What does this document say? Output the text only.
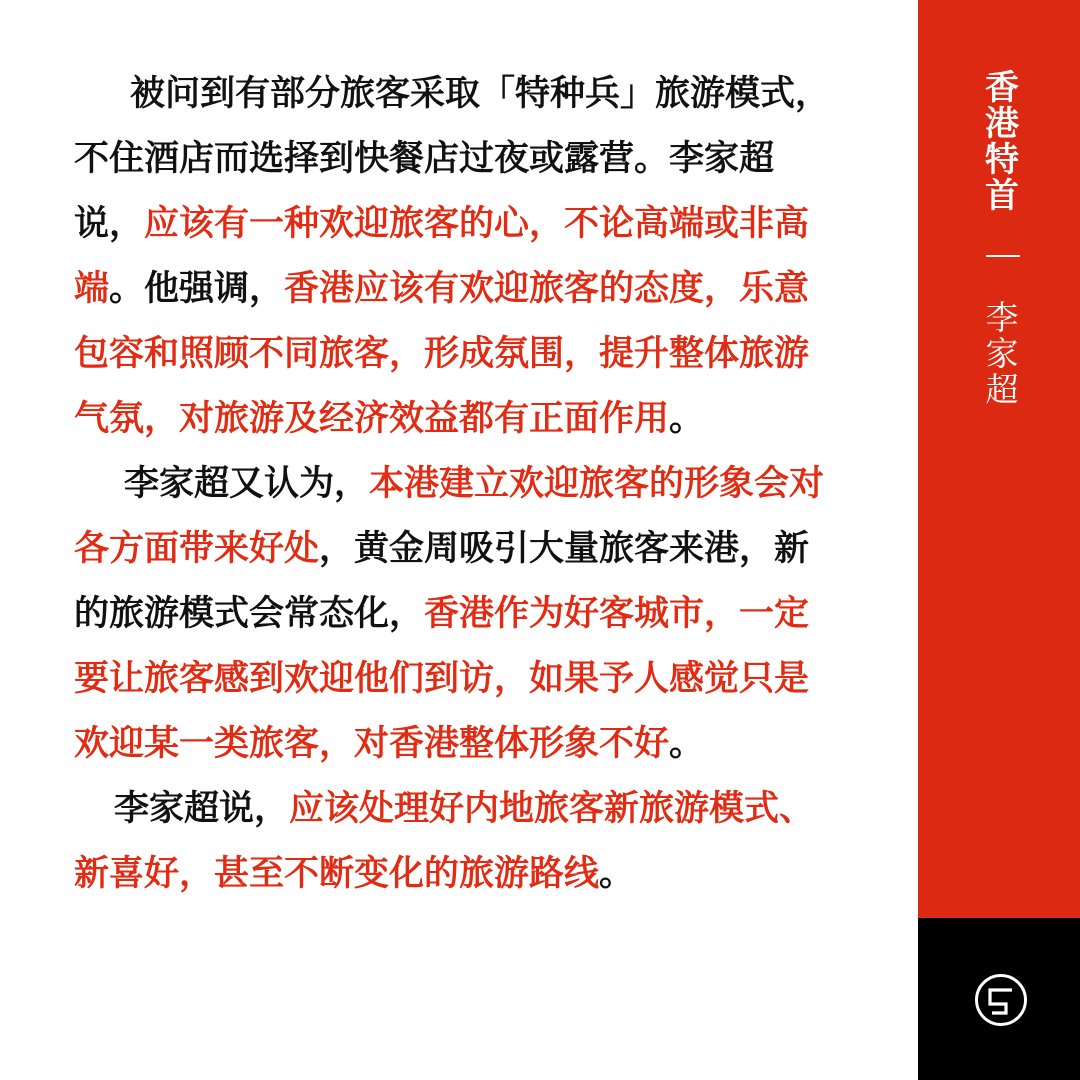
被问到有部分旅客采取「特种兵」旅游模式，不住酒店而选择到快餐店过夜或露营。李家超说，应该有一种欢迎旅客的心，不论高端或非高端。他强调，香港应该有欢迎旅客的态度，乐意包容和照顾不同旅客，形成氛围，提升整体旅游气氛，对旅游及经济效益都有正面作用。

李家超又认为，本港建立欢迎旅客的形象会对各方面带来好处，黄金周吸引大量旅客来港，新的旅游模式会常态化，香港作为好客城市，一定要让旅客感到欢迎他们到访，如果予人感觉只是欢迎某一类旅客，对香港整体形象不好。

李家超说，应该处理好内地旅客新旅游模式、新喜好，甚至不断变化的旅游路线。

香港特首
李家超
